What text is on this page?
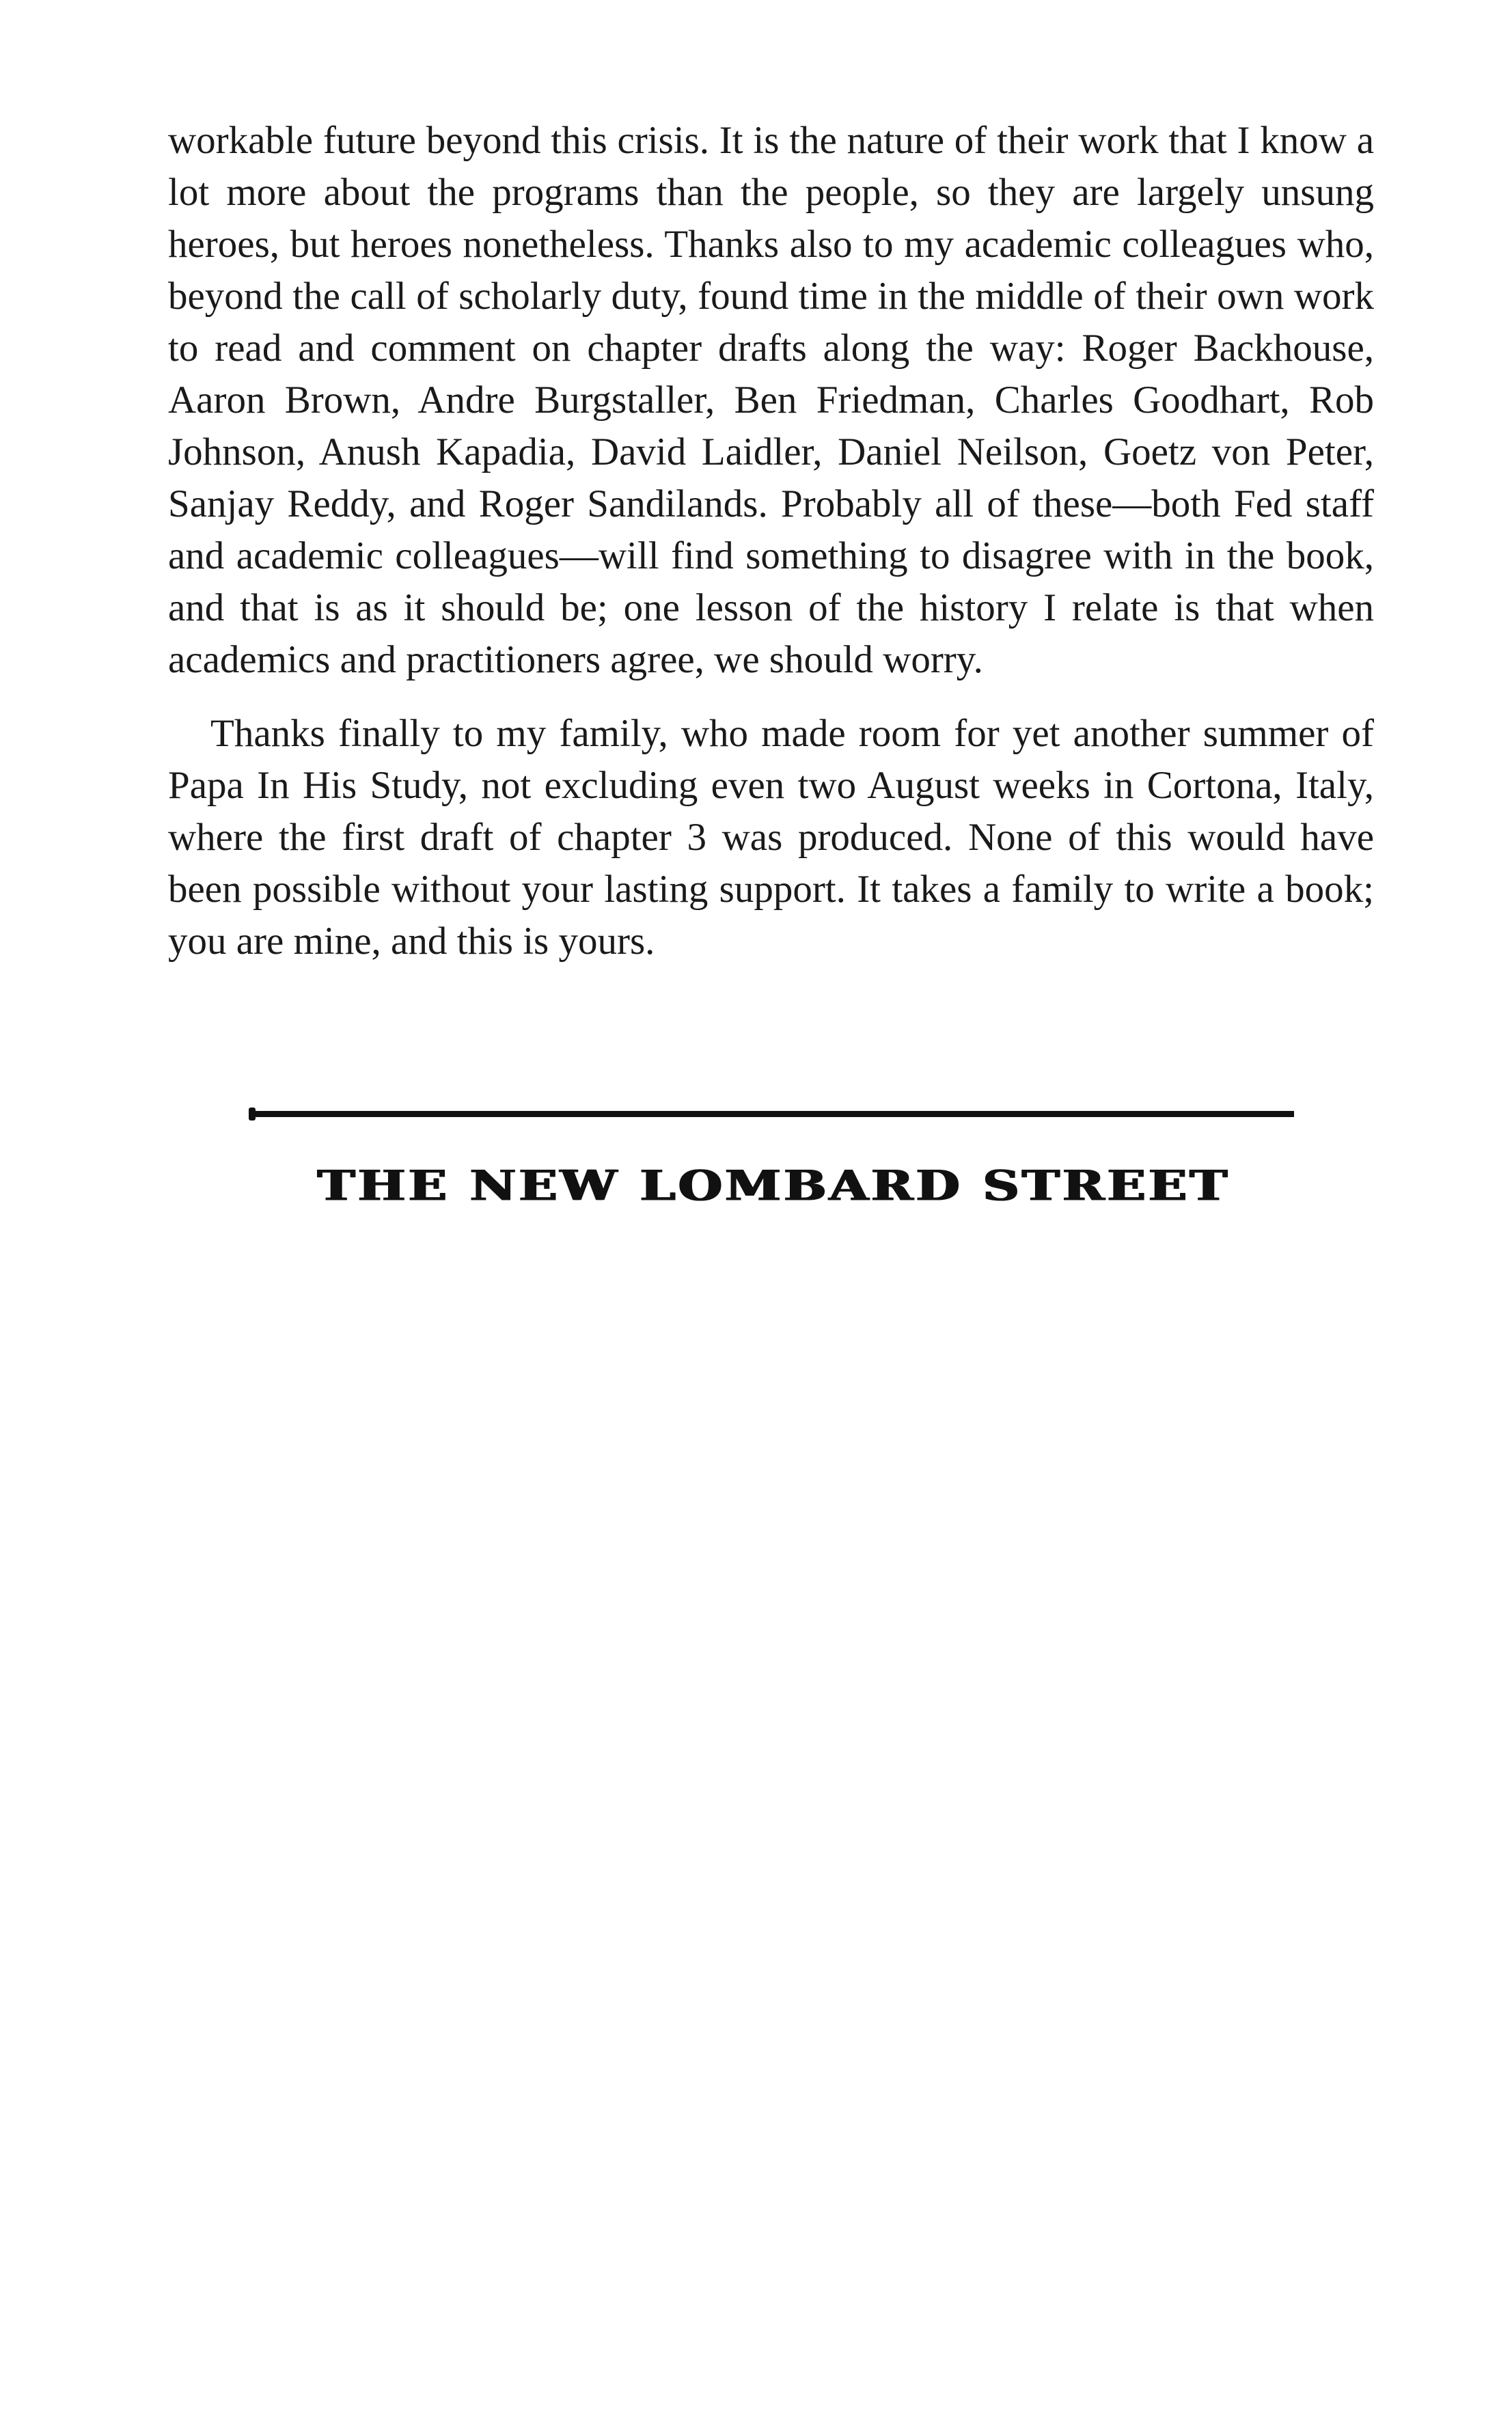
workable future beyond this crisis. It is the nature of their work that I know a lot more about the programs than the people, so they are largely unsung heroes, but heroes nonetheless. Thanks also to my academic colleagues who, beyond the call of scholarly duty, found time in the middle of their own work to read and comment on chapter drafts along the way: Roger Backhouse, Aaron Brown, Andre Burgstaller, Ben Friedman, Charles Goodhart, Rob Johnson, Anush Kapadia, David Laidler, Daniel Neilson, Goetz von Peter, Sanjay Reddy, and Roger Sandilands. Probably all of these—both Fed staff and academic colleagues—will find something to disagree with in the book, and that is as it should be; one lesson of the history I relate is that when academics and practitioners agree, we should worry.

Thanks finally to my family, who made room for yet another summer of Papa In His Study, not excluding even two August weeks in Cortona, Italy, where the first draft of chapter 3 was produced. None of this would have been possible without your lasting support. It takes a family to write a book; you are mine, and this is yours.

THE NEW LOMBARD STREET
